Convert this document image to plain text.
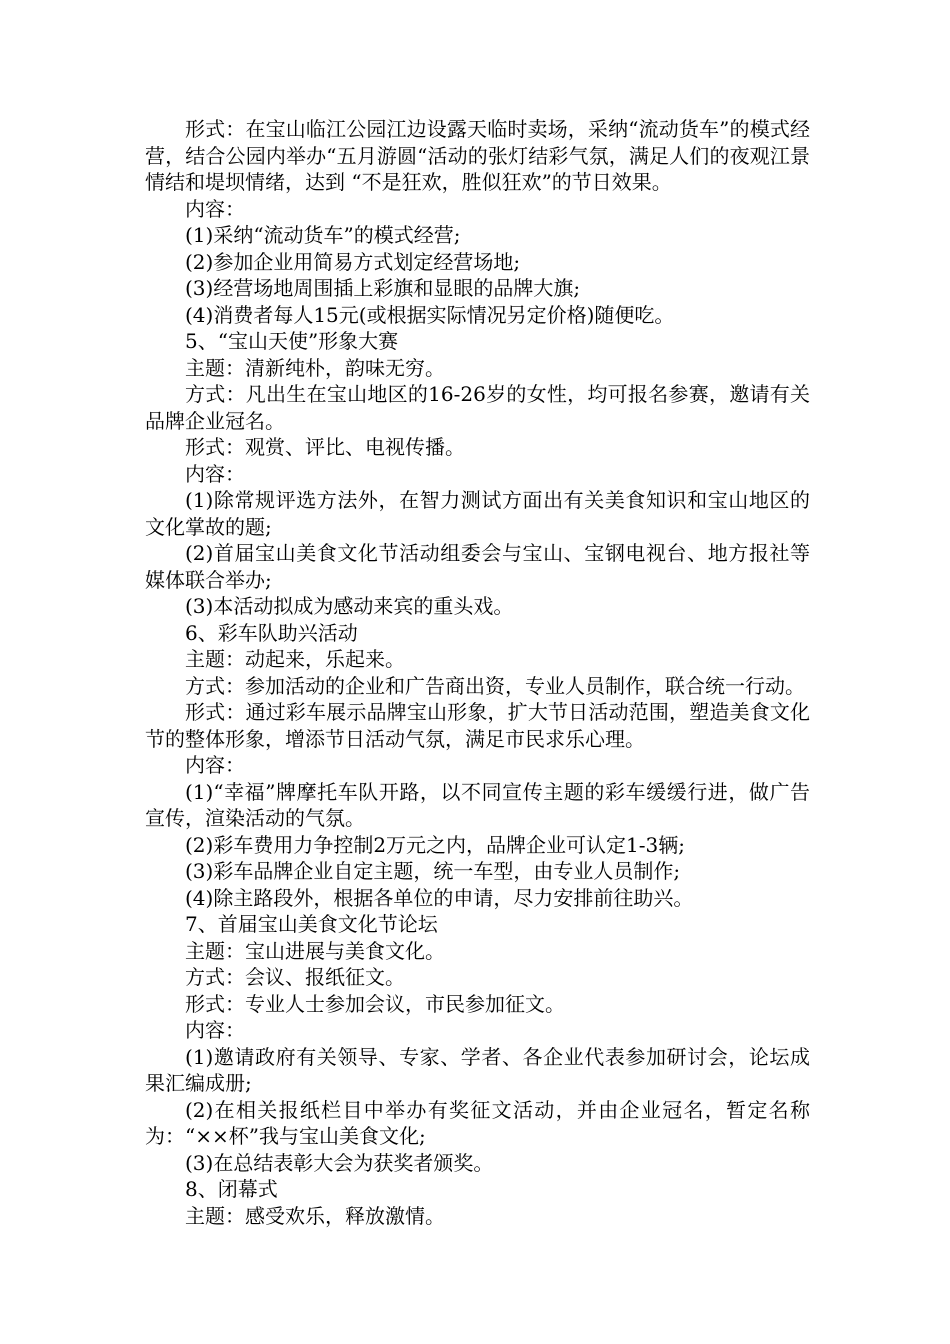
形式：在宝山临江公园江边设露天临时卖场，采纳“流动货车”的模式经营，结合公园内举办“五月游圆“活动的张灯结彩气氛，满足人们的夜观江景情结和堤坝情绪，达到 “不是狂欢，胜似狂欢”的节日效果。

内容：

(1)采纳“流动货车”的模式经营;

(2)参加企业用简易方式划定经营场地;

(3)经营场地周围插上彩旗和显眼的品牌大旗;

(4)消费者每人15元(或根据实际情况另定价格)随便吃。

5、“宝山天使”形象大赛

主题：清新纯朴，韵味无穷。

方式：凡出生在宝山地区的16-26岁的女性，均可报名参赛，邀请有关品牌企业冠名。

形式：观赏、评比、电视传播。

内容：

(1)除常规评选方法外，在智力测试方面出有关美食知识和宝山地区的文化掌故的题;

(2)首届宝山美食文化节活动组委会与宝山、宝钢电视台、地方报社等媒体联合举办;

(3)本活动拟成为感动来宾的重头戏。

6、彩车队助兴活动

主题：动起来，乐起来。

方式：参加活动的企业和广告商出资，专业人员制作，联合统一行动。

形式：通过彩车展示品牌宝山形象，扩大节日活动范围，塑造美食文化节的整体形象，增添节日活动气氛，满足市民求乐心理。

内容：

(1)“幸福”牌摩托车队开路，以不同宣传主题的彩车缓缓行进，做广告宣传，渲染活动的气氛。

(2)彩车费用力争控制2万元之内，品牌企业可认定1-3辆;

(3)彩车品牌企业自定主题，统一车型，由专业人员制作;

(4)除主路段外，根据各单位的申请，尽力安排前往助兴。

7、首届宝山美食文化节论坛

主题：宝山进展与美食文化。

方式：会议、报纸征文。

形式：专业人士参加会议，市民参加征文。

内容：

(1)邀请政府有关领导、专家、学者、各企业代表参加研讨会，论坛成果汇编成册;

(2)在相关报纸栏目中举办有奖征文活动，并由企业冠名，暂定名称为：“××杯”我与宝山美食文化;

(3)在总结表彰大会为获奖者颁奖。

8、闭幕式

主题：感受欢乐，释放激情。
